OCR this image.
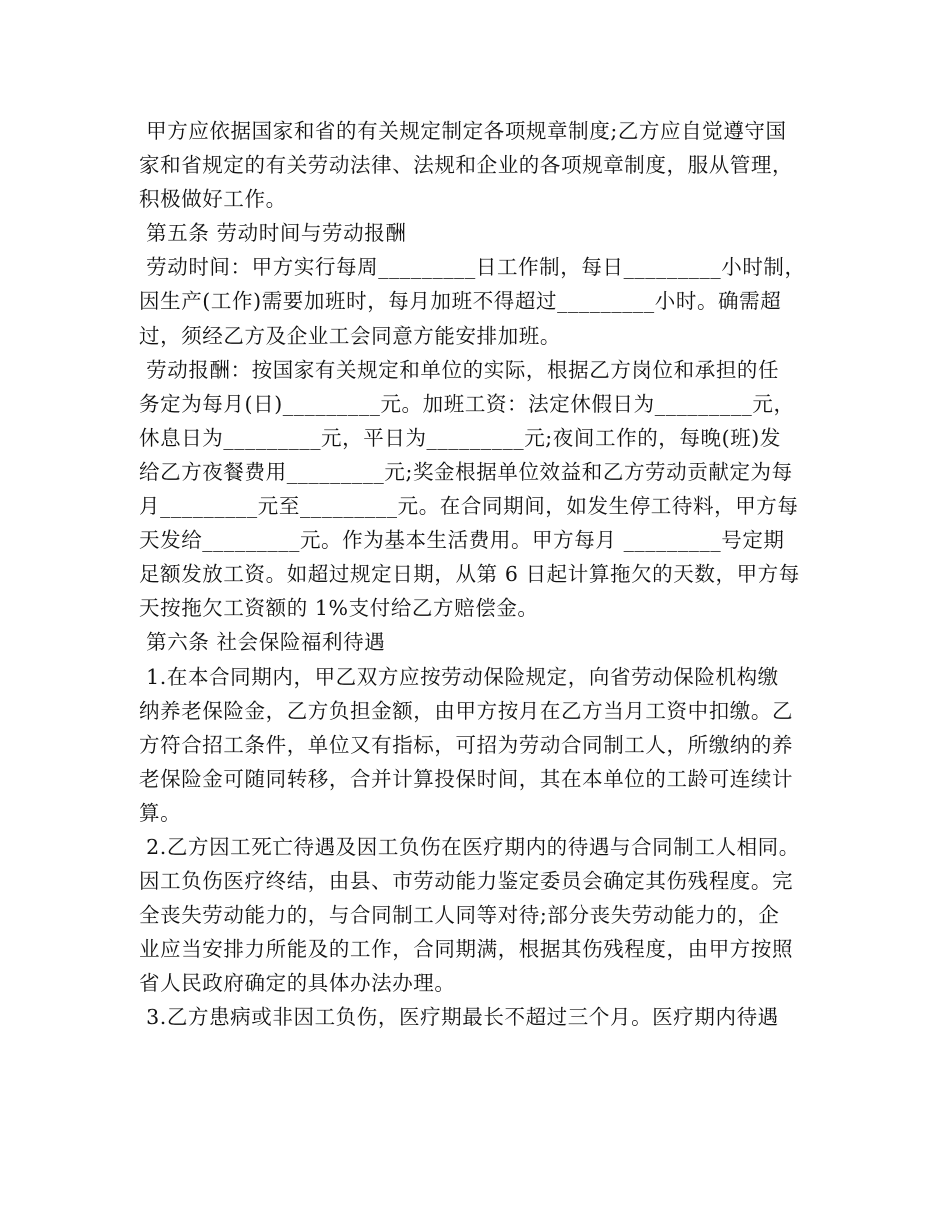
甲方应依据国家和省的有关规定制定各项规章制度;乙方应自觉遵守国
家和省规定的有关劳动法律、法规和企业的各项规章制度，服从管理，
积极做好工作。
第五条 劳动时间与劳动报酬
劳动时间：甲方实行每周_________日工作制，每日_________小时制，
因生产(工作)需要加班时，每月加班不得超过_________小时。确需超
过，须经乙方及企业工会同意方能安排加班。
劳动报酬：按国家有关规定和单位的实际，根据乙方岗位和承担的任
务定为每月(日)_________元。加班工资：法定休假日为_________元，
休息日为_________元，平日为_________元;夜间工作的，每晚(班)发
给乙方夜餐费用_________元;奖金根据单位效益和乙方劳动贡献定为每
月_________元至_________元。在合同期间，如发生停工待料，甲方每
天发给_________元。作为基本生活费用。甲方每月 _________号定期
足额发放工资。如超过规定日期，从第 6 日起计算拖欠的天数，甲方每
天按拖欠工资额的 1%支付给乙方赔偿金。
第六条 社会保险福利待遇
1.在本合同期内，甲乙双方应按劳动保险规定，向省劳动保险机构缴
纳养老保险金，乙方负担金额，由甲方按月在乙方当月工资中扣缴。乙
方符合招工条件，单位又有指标，可招为劳动合同制工人，所缴纳的养
老保险金可随同转移，合并计算投保时间，其在本单位的工龄可连续计
算。
2.乙方因工死亡待遇及因工负伤在医疗期内的待遇与合同制工人相同。
因工负伤医疗终结，由县、市劳动能力鉴定委员会确定其伤残程度。完
全丧失劳动能力的，与合同制工人同等对待;部分丧失劳动能力的，企
业应当安排力所能及的工作，合同期满，根据其伤残程度，由甲方按照
省人民政府确定的具体办法办理。
3.乙方患病或非因工负伤，医疗期最长不超过三个月。医疗期内待遇
